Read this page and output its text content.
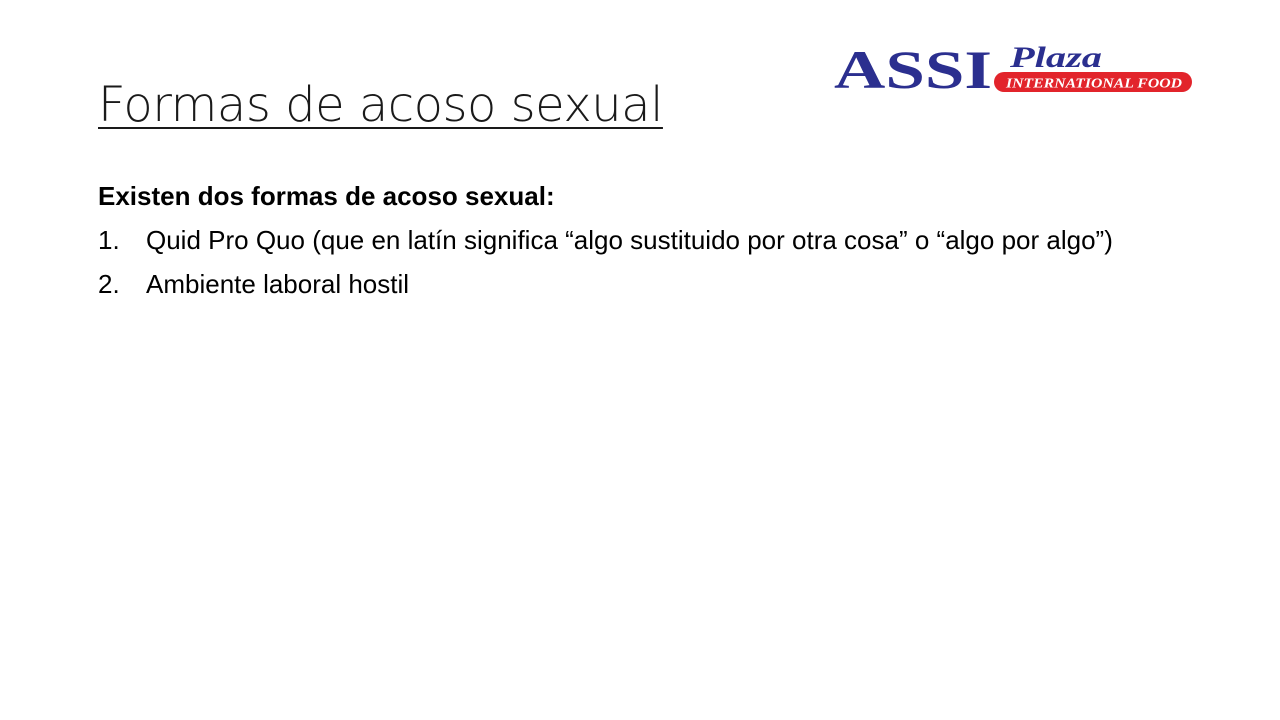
Formas de acoso sexual
ASSI INTERNATIONAL FOOD
Plaza

Existen dos formas de acoso sexual:

1.	Quid Pro Quo (que en latín significa “algo sustituido por otra cosa” o “algo por algo”)
2.	Ambiente laboral hostil
